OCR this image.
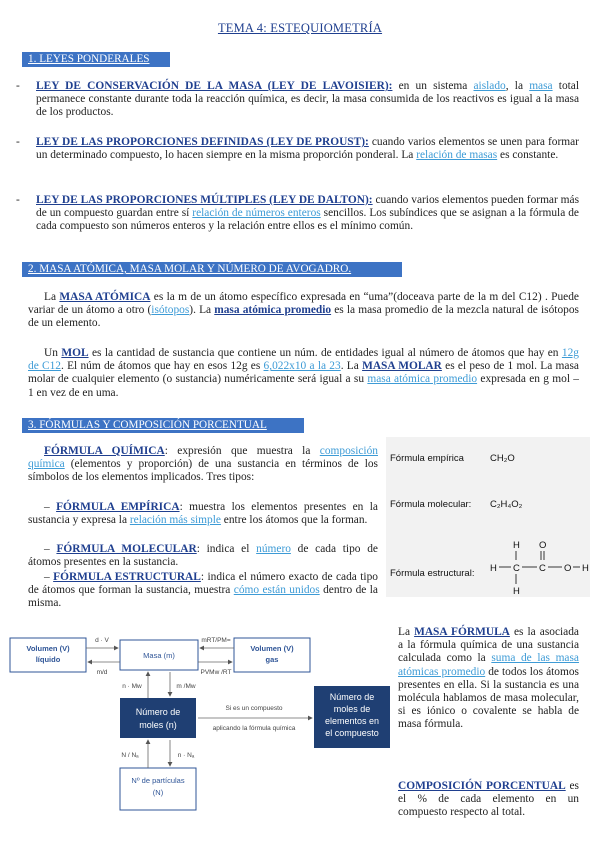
TEMA 4: ESTEQUIOMETRÍA
1. LEYES PONDERALES
- LEY DE CONSERVACIÓN DE LA MASA (LEY DE LAVOISIER): en un sistema aislado, la masa total permanece constante durante toda la reacción química, es decir, la masa consumida de los reactivos es igual a la masa de los productos.
- LEY DE LAS PROPORCIONES DEFINIDAS (LEY DE PROUST): cuando varios elementos se unen para formar un determinado compuesto, lo hacen siempre en la misma proporción ponderal. La relación de masas es constante.
- LEY DE LAS PROPORCIONES MÚLTIPLES (LEY DE DALTON): cuando varios elementos pueden formar más de un compuesto guardan entre sí relación de números enteros sencillos. Los subíndices que se asignan a la fórmula de cada compuesto son números enteros y la relación entre ellos es el mínimo común.
2. MASA ATÓMICA, MASA MOLAR Y NÚMERO DE AVOGADRO.
La MASA ATÓMICA es la m de un átomo específico expresada en “uma”(doceava parte de la m del C12) . Puede variar de un átomo a otro (isótopos). La masa atómica promedio es la masa promedio de la mezcla natural de isótopos de un elemento.
Un MOL es la cantidad de sustancia que contiene un núm. de entidades igual al número de átomos que hay en 12g de C12. El núm de átomos que hay en esos 12g es 6,022x10 a la 23. La MASA MOLAR es el peso de 1 mol. La masa molar de cualquier elemento (o sustancia) numéricamente será igual a su masa atómica promedio expresada en g mol – 1 en vez de en uma.
3. FÓRMULAS Y COMPOSICIÓN PORCENTUAL
FÓRMULA QUÍMICA: expresión que muestra la composición química (elementos y proporción) de una sustancia en términos de los símbolos de los elementos implicados. Tres tipos:
– FÓRMULA EMPÍRICA: muestra los elementos presentes en la sustancia y expresa la relación más simple entre los átomos que la forman.
– FÓRMULA MOLECULAR: indica el número de cada tipo de átomos presentes en la sustancia.
– FÓRMULA ESTRUCTURAL: indica el número exacto de cada tipo de átomos que forman la sustancia, muestra cómo están unidos dentro de la misma.
Fórmula empírica	CH₂O
Fórmula molecular: C₂H₄O₂
Fórmula estructural:
H
C
H
H	C
O
O H
Volumen (V)
líquido	Masa (m)
Volumen (V)
gas
Nº de partículas
(N)
Número de
moles (n)
Número de
moles de
elementos en
el compuesto
d · V
m/d
mRT/PM=
PVMw /RT
n · Mw	m /Mw
N / Nₐ	n · Nₐ
Si es un compuesto
aplicando la fórmula química
La MASA FÓRMULA es la asociada a la fórmula química de una sustancia calculada como la suma de las masa atómicas promedio de todos los átomos presentes en ella. Si la sustancia es una molécula hablamos de masa molecular, si es iónico o covalente se habla de masa fórmula.
COMPOSICIÓN PORCENTUAL es el % de cada elemento en un compuesto respecto al total.
